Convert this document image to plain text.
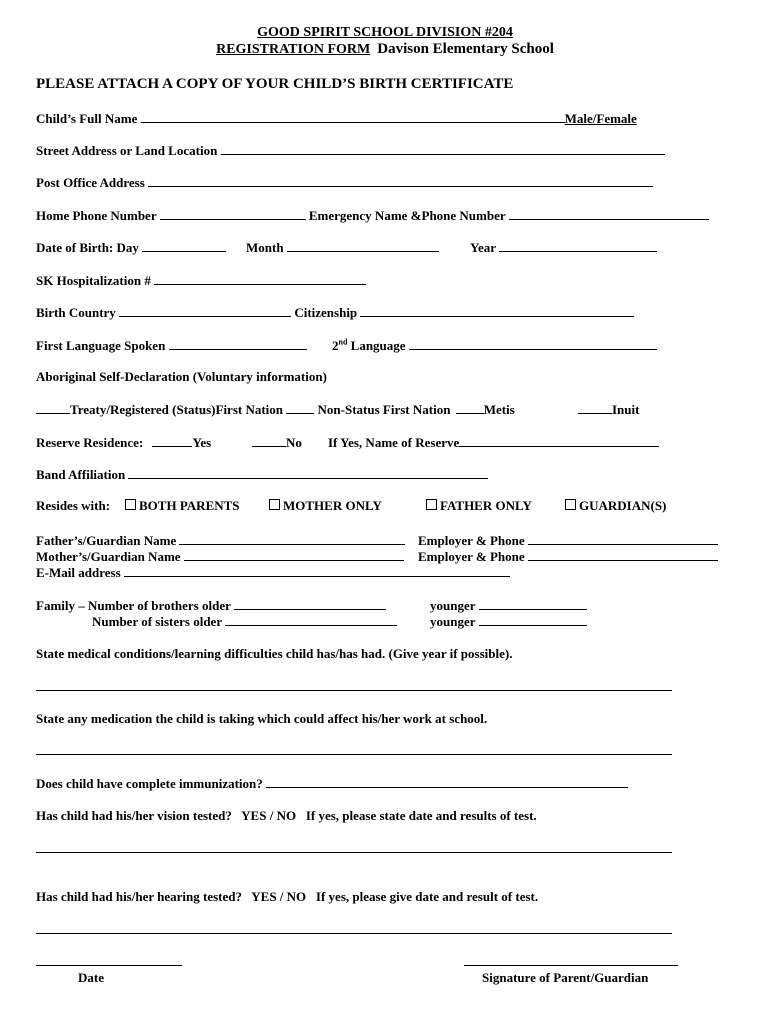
GOOD SPIRIT SCHOOL DIVISION #204
REGISTRATION FORM Davison Elementary School
PLEASE ATTACH A COPY OF YOUR CHILD’S BIRTH CERTIFICATE
Child’s Full Name	Male/Female
Street Address or Land Location
Post Office Address
Home Phone Number	Emergency Name &Phone Number
Date of Birth: Day	Month	Year
SK Hospitalization #
Birth Country	Citizenship
First Language Spoken	2nd Language
Aboriginal Self-Declaration (Voluntary information)
Treaty/Registered (Status)First Nation	Non-Status First Nation	Metis	Inuit
Reserve Residence:	Yes	No If Yes, Name of Reserve
Band Affiliation
Resides with:	BOTH PARENTS	MOTHER ONLY	FATHER ONLY	GUARDIAN(S)
Father’s/Guardian Name	Employer & Phone
Mother’s/Guardian Name	Employer & Phone
E-Mail address
Family – Number of brothers older	younger
Number of sisters older	younger
State medical conditions/learning difficulties child has/has had. (Give year if possible).
State any medication the child is taking which could affect his/her work at school.
Does child have complete immunization?
Has child had his/her vision tested? YES / NO If yes, please state date and results of test.
Has child had his/her hearing tested? YES / NO If yes, please give date and result of test.
Date	Signature of Parent/Guardian
